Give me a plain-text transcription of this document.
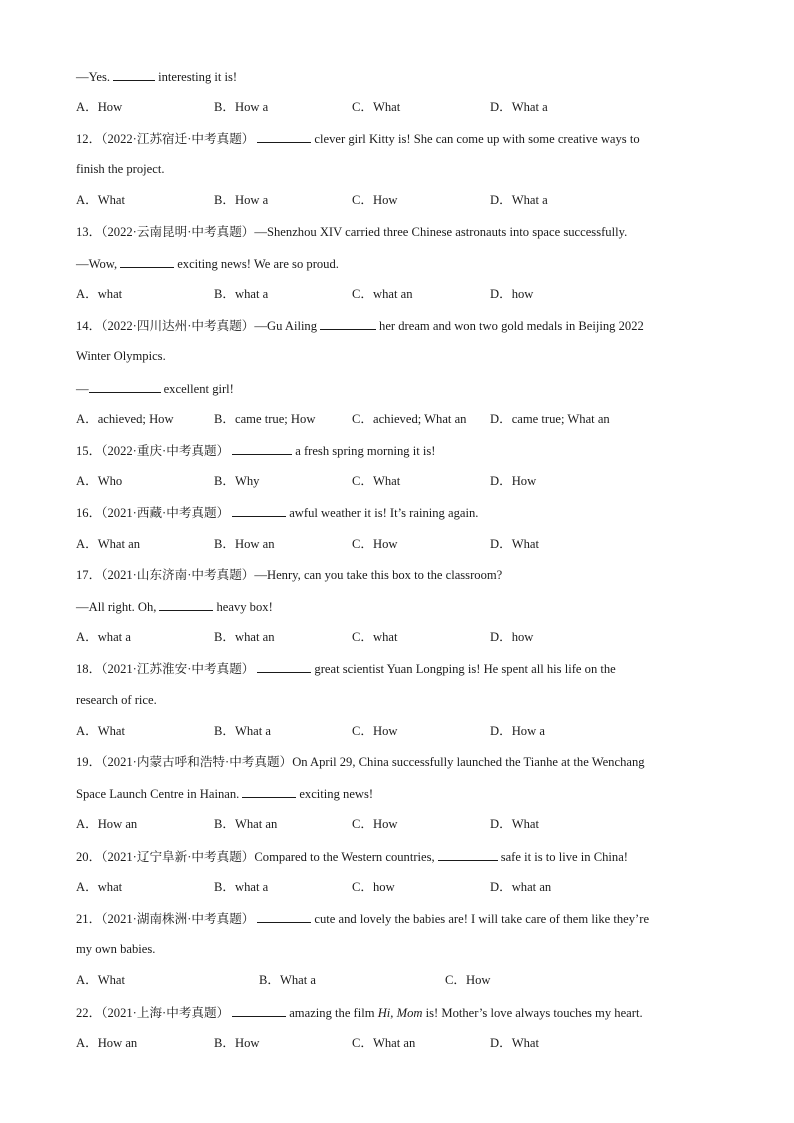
—Yes.	interesting it is!
A．How	B．How a	C．What	D．What a
12．（2022·江苏宿迁·中考真题）	clever girl Kitty is! She can come up with some creative ways to
finish the project.
A．What	B．How a	C．How	D．What a
13．（2022·云南昆明·中考真题）—Shenzhou XIV carried three Chinese astronauts into space successfully.
—Wow,	exciting news! We are so proud.
A．what	B．what a	C．what an	D．how
14．（2022·四川达州·中考真题）—Gu Ailing	her dream and won two gold medals in Beijing 2022
Winter Olympics.
—	excellent girl!
A．achieved; How	B．came true; How	C．achieved; What an D．came true; What an
15．（2022·重庆·中考真题）	a fresh spring morning it is!
A．Who	B．Why	C．What	D．How
16．（2021·西藏·中考真题）	awful weather it is! It’s raining again.
A．What an	B．How an	C．How	D．What
17．（2021·山东济南·中考真题）—Henry, can you take this box to the classroom?
—All right. Oh,	heavy box!
A．what a	B．what an	C．what	D．how
18．（2021·江苏淮安·中考真题）	great scientist Yuan Longping is! He spent all his life on the
research of rice.
A．What	B．What a	C．How	D．How a
19．（2021·内蒙古呼和浩特·中考真题）On April 29, China successfully launched the Tianhe at the Wenchang
Space Launch Centre in Hainan.	exciting news!
A．How an	B．What an	C．How	D．What
20．（2021·辽宁阜新·中考真题）Compared to the Western countries,	safe it is to live in China!
A．what	B．what a	C．how	D．what an
21．（2021·湖南株洲·中考真题）	cute and lovely the babies are! I will take care of them like they’re
my own babies.
A．What	B．What a	C．How
22．（2021·上海·中考真题）	amazing the film Hi, Mom is! Mother’s love always touches my heart.
A．How an	B．How	C．What an	D．What
